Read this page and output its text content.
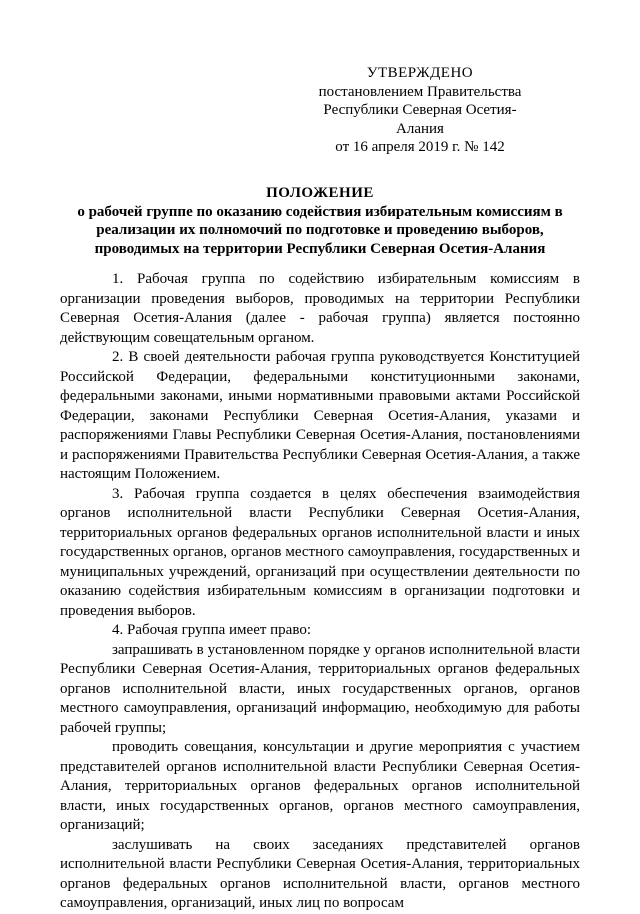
УТВЕРЖДЕНО
постановлением Правительства
Республики Северная Осетия-Алания
от 16 апреля 2019 г. № 142
ПОЛОЖЕНИЕ
о рабочей группе по оказанию содействия избирательным комиссиям в
реализации их полномочий по подготовке и проведению выборов,
проводимых на территории Республики Северная Осетия-Алания

1. Рабочая группа по содействию избирательным комиссиям в организации проведения выборов, проводимых на территории Республики Северная Осетия-Алания (далее - рабочая группа) является постоянно действующим совещательным органом.

2. В своей деятельности рабочая группа руководствуется Конституцией Российской Федерации, федеральными конституционными законами, федеральными законами, иными нормативными правовыми актами Российской Федерации, законами Республики Северная Осетия-Алания, указами и распоряжениями Главы Республики Северная Осетия-Алания, постановлениями и распоряжениями Правительства Республики Северная Осетия-Алания, а также настоящим Положением.

3. Рабочая группа создается в целях обеспечения взаимодействия органов исполнительной власти Республики Северная Осетия-Алания, территориальных органов федеральных органов исполнительной власти и иных государственных органов, органов местного самоуправления, государственных и муниципальных учреждений, организаций при осуществлении деятельности по оказанию содействия избирательным комиссиям в организации подготовки и проведения выборов.

4. Рабочая группа имеет право:

запрашивать в установленном порядке у органов исполнительной власти Республики Северная Осетия-Алания, территориальных органов федеральных органов исполнительной власти, иных государственных органов, органов местного самоуправления, организаций информацию, необходимую для работы рабочей группы;

проводить совещания, консультации и другие мероприятия с участием представителей органов исполнительной власти Республики Северная Осетия-Алания, территориальных органов федеральных органов исполнительной власти, иных государственных органов, органов местного самоуправления, организаций;

заслушивать на своих заседаниях представителей органов исполнительной власти Республики Северная Осетия-Алания, территориальных органов федеральных органов исполнительной власти, органов местного самоуправления, организаций, иных лиц по вопросам
